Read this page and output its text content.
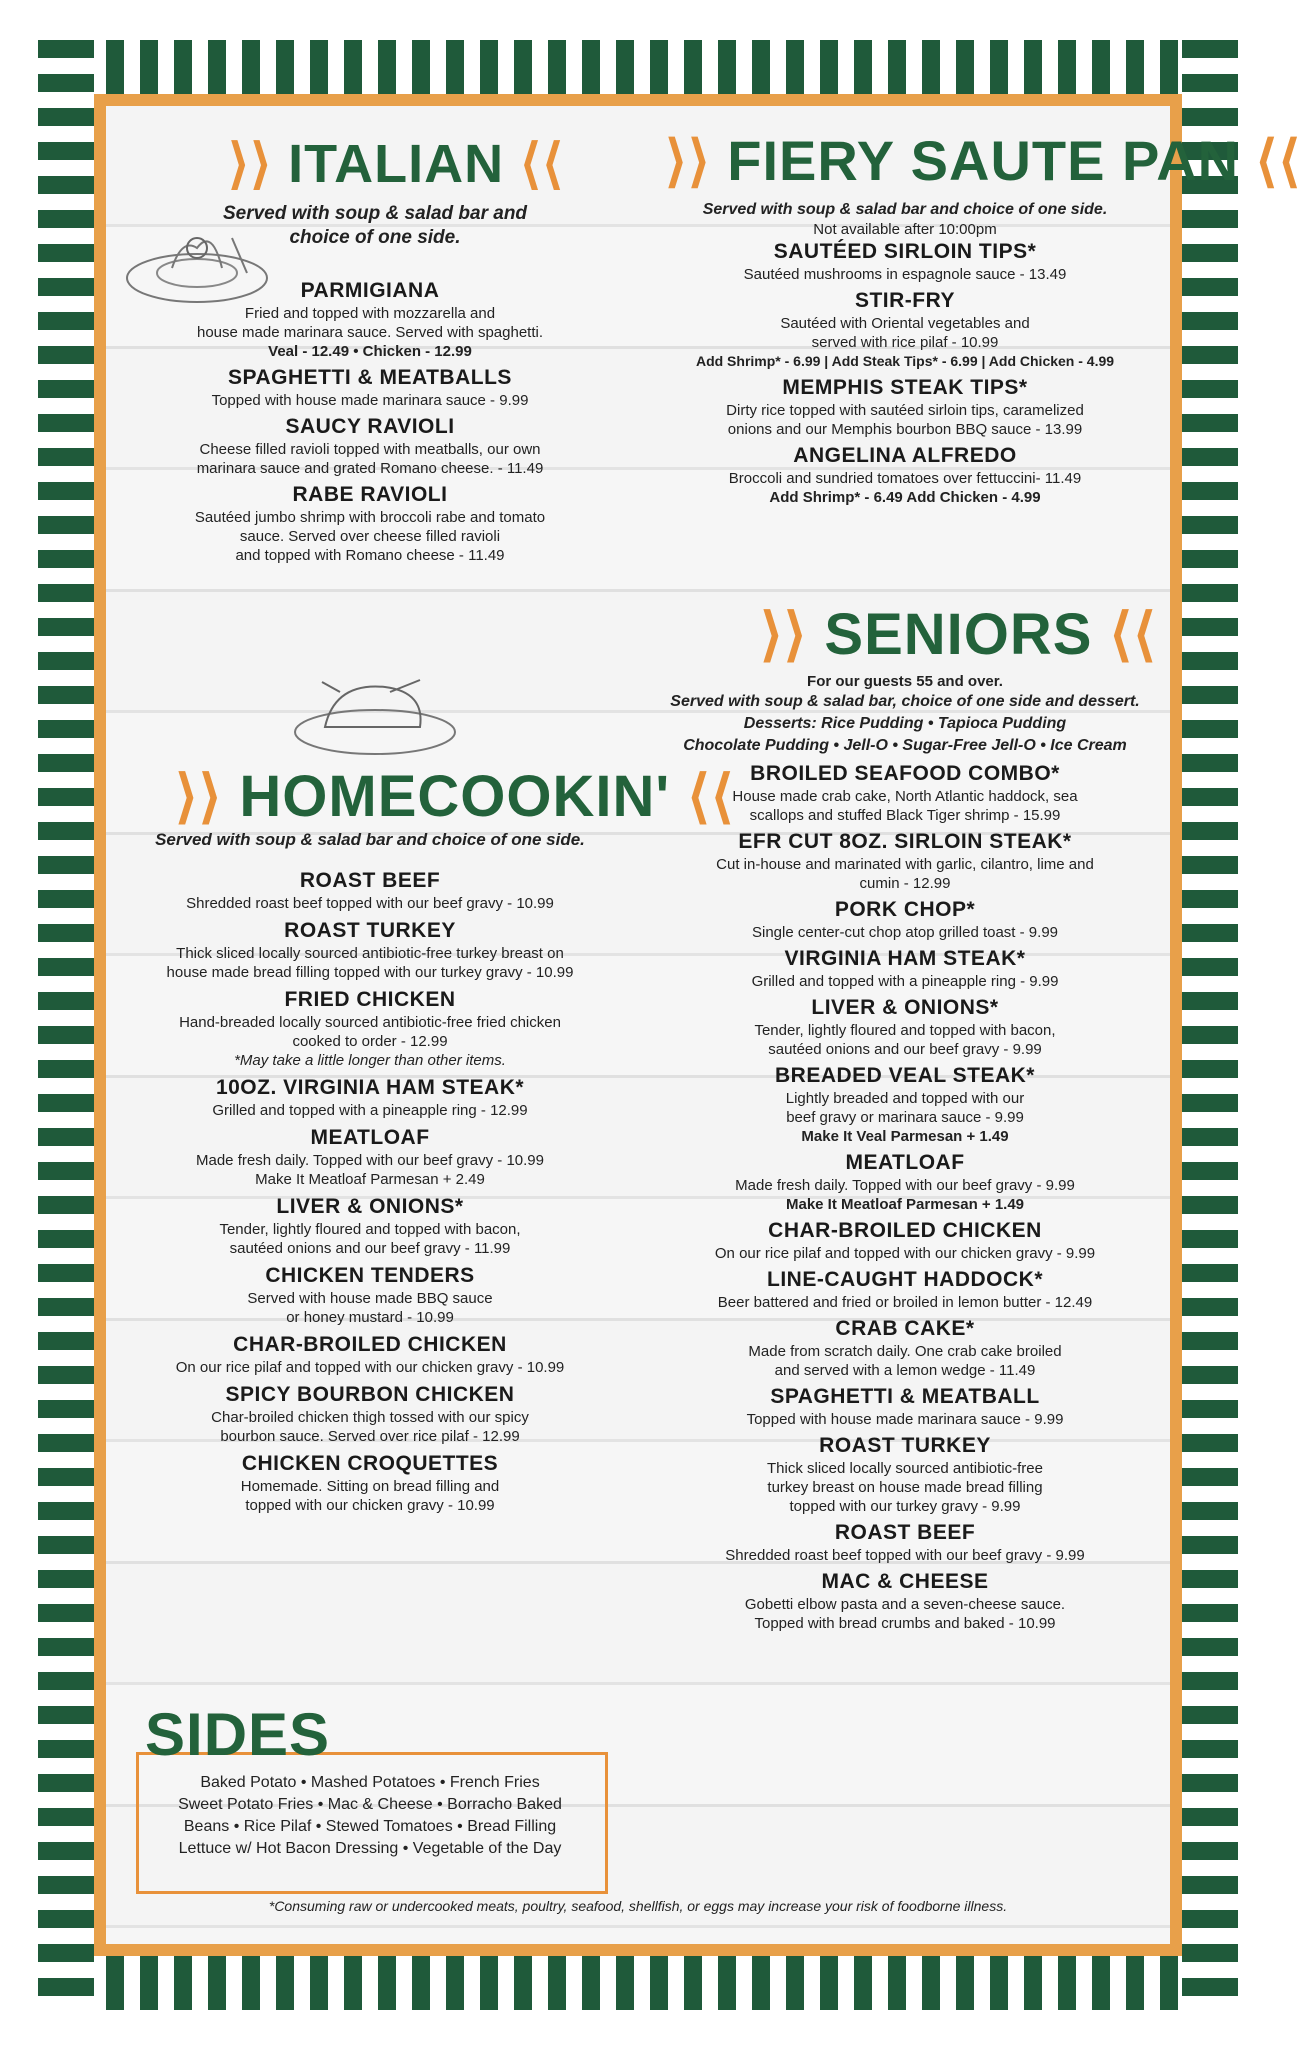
⟩⟩ ITALIAN ⟨⟨
Served with soup & salad bar and choice of one side.

PARMIGIANA

Fried and topped with mozzarella and

house made marinara sauce. Served with spaghetti.

Veal - 12.49 • Chicken - 12.99

SPAGHETTI & MEATBALLS

Topped with house made marinara sauce - 9.99

SAUCY RAVIOLI

Cheese filled ravioli topped with meatballs, our own

marinara sauce and grated Romano cheese. - 11.49

RABE RAVIOLI

Sautéed jumbo shrimp with broccoli rabe and tomato

sauce. Served over cheese filled ravioli

and topped with Romano cheese - 11.49

⟩⟩ HOMECOOKIN' ⟨⟨
Served with soup & salad bar and choice of one side.

ROAST BEEF

Shredded roast beef topped with our beef gravy - 10.99

ROAST TURKEY

Thick sliced locally sourced antibiotic-free turkey breast on

house made bread filling topped with our turkey gravy - 10.99

FRIED CHICKEN

Hand-breaded locally sourced antibiotic-free fried chicken

cooked to order - 12.99

*May take a little longer than other items.

10OZ. VIRGINIA HAM STEAK*

Grilled and topped with a pineapple ring - 12.99

MEATLOAF

Made fresh daily. Topped with our beef gravy - 10.99

Make It Meatloaf Parmesan + 2.49

LIVER & ONIONS*

Tender, lightly floured and topped with bacon,

sautéed onions and our beef gravy - 11.99

CHICKEN TENDERS

Served with house made BBQ sauce

or honey mustard - 10.99

CHAR-BROILED CHICKEN

On our rice pilaf and topped with our chicken gravy - 10.99

SPICY BOURBON CHICKEN

Char-broiled chicken thigh tossed with our spicy

bourbon sauce. Served over rice pilaf - 12.99

CHICKEN CROQUETTES

Homemade. Sitting on bread filling and

topped with our chicken gravy - 10.99

SIDES
Baked Potato • Mashed Potatoes • French Fries
Sweet Potato Fries • Mac & Cheese • Borracho Baked
Beans • Rice Pilaf • Stewed Tomatoes • Bread Filling
Lettuce w/ Hot Bacon Dressing • Vegetable of the Day
⟩⟩ FIERY SAUTE PAN ⟨⟨
Served with soup & salad bar and choice of one side.

Not available after 10:00pm

SAUTÉED SIRLOIN TIPS*

Sautéed mushrooms in espagnole sauce - 13.49

STIR-FRY

Sautéed with Oriental vegetables and

served with rice pilaf - 10.99

Add Shrimp* - 6.99 | Add Steak Tips* - 6.99 | Add Chicken - 4.99

MEMPHIS STEAK TIPS*

Dirty rice topped with sautéed sirloin tips, caramelized

onions and our Memphis bourbon BBQ sauce - 13.99

ANGELINA ALFREDO

Broccoli and sundried tomatoes over fettuccini- 11.49

Add Shrimp* - 6.49 Add Chicken - 4.99

⟩⟩ SENIORS ⟨⟨

For our guests 55 and over.

Served with soup & salad bar, choice of one side and dessert.

Desserts: Rice Pudding • Tapioca Pudding

Chocolate Pudding • Jell-O • Sugar-Free Jell-O • Ice Cream

BROILED SEAFOOD COMBO*

House made crab cake, North Atlantic haddock, sea

scallops and stuffed Black Tiger shrimp - 15.99

EFR CUT 8OZ. SIRLOIN STEAK*

Cut in-house and marinated with garlic, cilantro, lime and

cumin - 12.99

PORK CHOP*

Single center-cut chop atop grilled toast - 9.99

VIRGINIA HAM STEAK*

Grilled and topped with a pineapple ring - 9.99

LIVER & ONIONS*

Tender, lightly floured and topped with bacon,

sautéed onions and our beef gravy - 9.99

BREADED VEAL STEAK*

Lightly breaded and topped with our

beef gravy or marinara sauce - 9.99

Make It Veal Parmesan + 1.49

MEATLOAF

Made fresh daily. Topped with our beef gravy - 9.99

Make It Meatloaf Parmesan + 1.49

CHAR-BROILED CHICKEN

On our rice pilaf and topped with our chicken gravy - 9.99

LINE-CAUGHT HADDOCK*

Beer battered and fried or broiled in lemon butter - 12.49

CRAB CAKE*

Made from scratch daily. One crab cake broiled

and served with a lemon wedge - 11.49

SPAGHETTI & MEATBALL

Topped with house made marinara sauce - 9.99

ROAST TURKEY

Thick sliced locally sourced antibiotic-free

turkey breast on house made bread filling

topped with our turkey gravy - 9.99

ROAST BEEF

Shredded roast beef topped with our beef gravy - 9.99

MAC & CHEESE

Gobetti elbow pasta and a seven-cheese sauce.

Topped with bread crumbs and baked - 10.99

*Consuming raw or undercooked meats, poultry, seafood, shellfish, or eggs may increase your risk of foodborne illness.
